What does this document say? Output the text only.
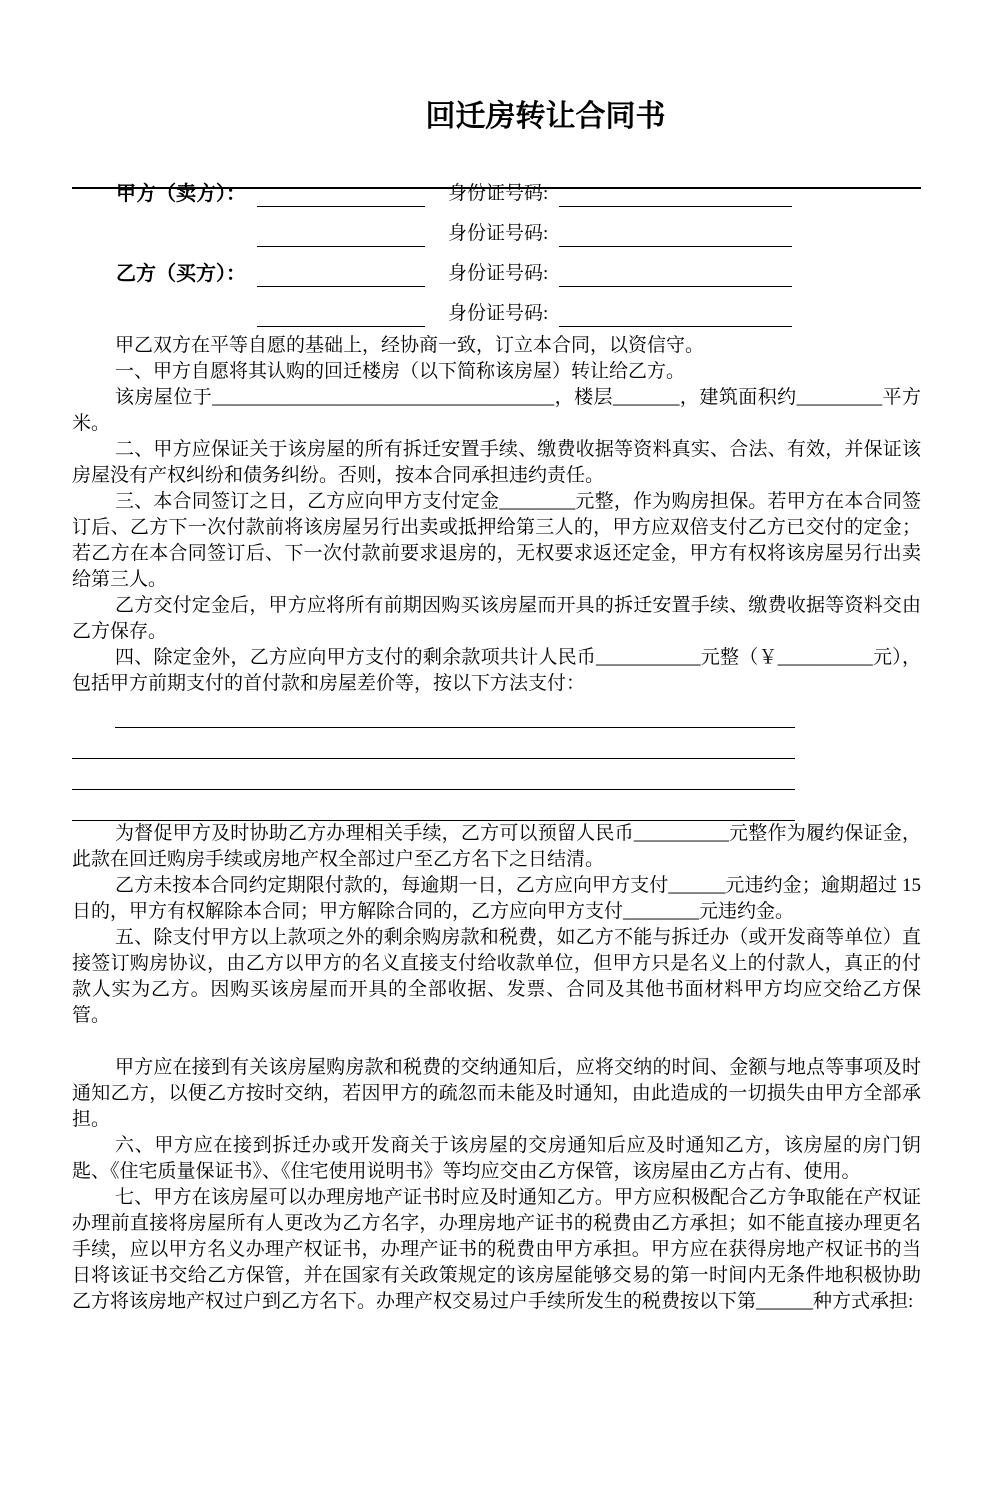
回迁房转让合同书
甲方（卖方）：	身份证号码:
身份证号码:
乙方（买方）：	身份证号码:
身份证号码:

甲乙双方在平等自愿的基础上，经协商一致，订立本合同，以资信守。

一、甲方自愿将其认购的回迁楼房（以下简称该房屋）转让给乙方。

该房屋位于____________________________________，楼层_______，建筑面积约_________平方米。

二、甲方应保证关于该房屋的所有拆迁安置手续、缴费收据等资料真实、合法、有效，并保证该房屋没有产权纠纷和债务纠纷。否则，按本合同承担违约责任。

三、本合同签订之日，乙方应向甲方支付定金________元整，作为购房担保。若甲方在本合同签订后、乙方下一次付款前将该房屋另行出卖或抵押给第三人的，甲方应双倍支付乙方已交付的定金；若乙方在本合同签订后、下一次付款前要求退房的，无权要求返还定金，甲方有权将该房屋另行出卖给第三人。

乙方交付定金后，甲方应将所有前期因购买该房屋而开具的拆迁安置手续、缴费收据等资料交由乙方保存。

四、除定金外，乙方应向甲方支付的剩余款项共计人民币___________元整（￥__________元），包括甲方前期支付的首付款和房屋差价等，按以下方法支付：

为督促甲方及时协助乙方办理相关手续，乙方可以预留人民币__________元整作为履约保证金，此款在回迁购房手续或房地产权全部过户至乙方名下之日结清。

乙方未按本合同约定期限付款的，每逾期一日，乙方应向甲方支付______元违约金；逾期超过 15 日的，甲方有权解除本合同；甲方解除合同的，乙方应向甲方支付________元违约金。

五、除支付甲方以上款项之外的剩余购房款和税费，如乙方不能与拆迁办（或开发商等单位）直接签订购房协议，由乙方以甲方的名义直接支付给收款单位，但甲方只是名义上的付款人，真正的付款人实为乙方。因购买该房屋而开具的全部收据、发票、合同及其他书面材料甲方均应交给乙方保管。

甲方应在接到有关该房屋购房款和税费的交纳通知后，应将交纳的时间、金额与地点等事项及时通知乙方，以便乙方按时交纳，若因甲方的疏忽而未能及时通知，由此造成的一切损失由甲方全部承担。

六、甲方应在接到拆迁办或开发商关于该房屋的交房通知后应及时通知乙方，该房屋的房门钥匙、《住宅质量保证书》、《住宅使用说明书》等均应交由乙方保管，该房屋由乙方占有、使用。

七、甲方在该房屋可以办理房地产证书时应及时通知乙方。甲方应积极配合乙方争取能在产权证办理前直接将房屋所有人更改为乙方名字，办理房地产证书的税费由乙方承担；如不能直接办理更名手续，应以甲方名义办理产权证书，办理产证书的税费由甲方承担。甲方应在获得房地产权证书的当日将该证书交给乙方保管，并在国家有关政策规定的该房屋能够交易的第一时间内无条件地积极协助乙方将该房地产权过户到乙方名下。办理产权交易过户手续所发生的税费按以下第______种方式承担:
